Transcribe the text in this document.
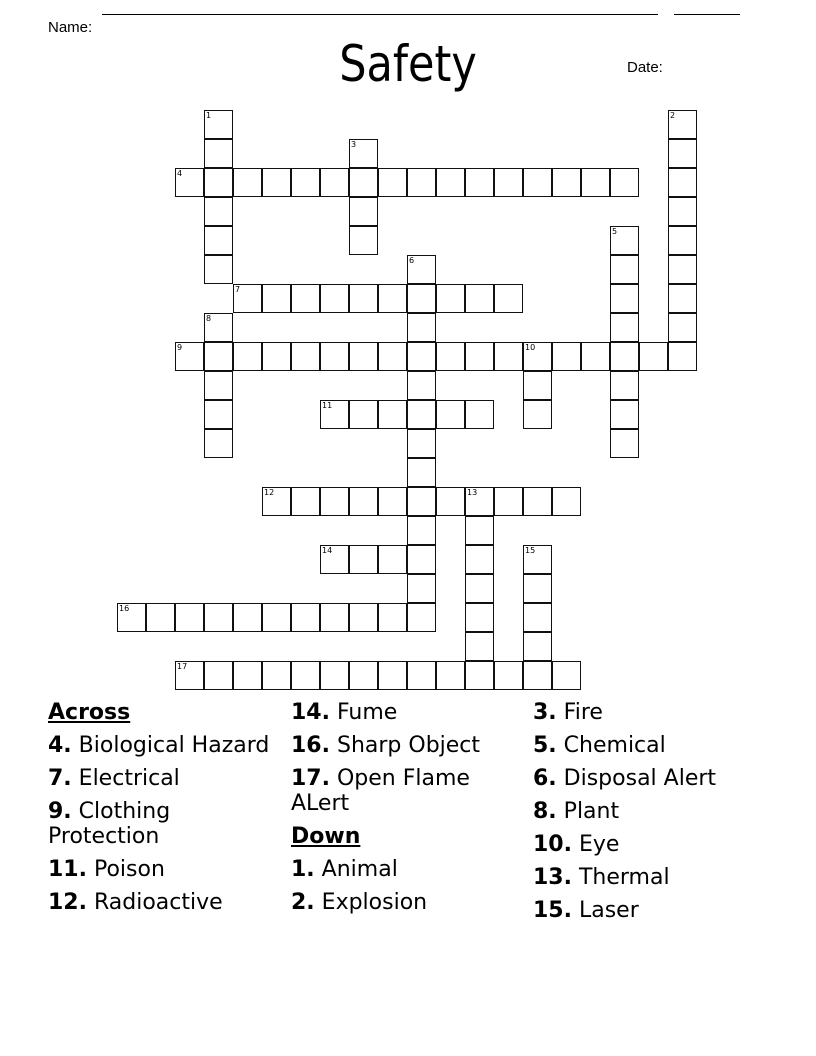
Name:

Date:

Safety
1	2
3
4
5
6
7
8
9	10
11
12	13
14	15
16
17
Across
4. Biological Hazard
7. Electrical
9. Clothing Protection
11. Poison
12. Radioactive
14. Fume
16. Sharp Object
17. Open Flame ALert
Down
1. Animal
2. Explosion
3. Fire
5. Chemical
6. Disposal Alert
8. Plant
10. Eye
13. Thermal
15. Laser
